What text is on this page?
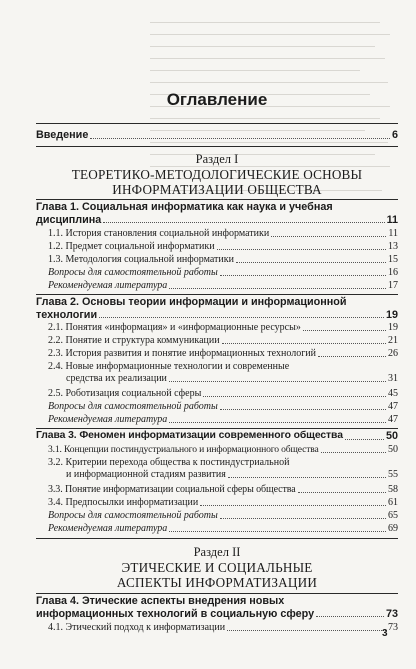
Оглавление
Введение	6
Раздел I
ТЕОРЕТИКО-МЕТОДОЛОГИЧЕСКИЕ ОСНОВЫ
ИНФОРМАТИЗАЦИИ ОБЩЕСТВА
Глава 1. Социальная информатика как наука и учебная
дисциплина	11
1.1. История становления социальной информатики	11
1.2. Предмет социальной информатики	13
1.3. Методология социальной информатики	15
Вопросы для самостоятельной работы	16
Рекомендуемая литература	17
Глава 2. Основы теории информации и информационной
технологии	19
2.1. Понятия «информация» и «информационные ресурсы»	19
2.2. Понятие и структура коммуникации	21
2.3. История развития и понятие информационных технологий	26
2.4. Новые информационные технологии и современные
средства их реализации	31
2.5. Роботизация социальной сферы	45
Вопросы для самостоятельной работы	47
Рекомендуемая литература	47
Глава 3. Феномен информатизации современного общества	50
3.1. Концепции постиндустриального и информационного общества	50
3.2. Критерии перехода общества к постиндустриальной
и информационной стадиям развития	55
3.3. Понятие информатизации социальной сферы общества	58
3.4. Предпосылки информатизации	61
Вопросы для самостоятельной работы	65
Рекомендуемая литература	69
Раздел II
ЭТИЧЕСКИЕ И СОЦИАЛЬНЫЕ
АСПЕКТЫ ИНФОРМАТИЗАЦИИ
Глава 4. Этические аспекты внедрения новых
информационных технологий в социальную сферу	73
4.1. Этический подход к информатизации	73
3
